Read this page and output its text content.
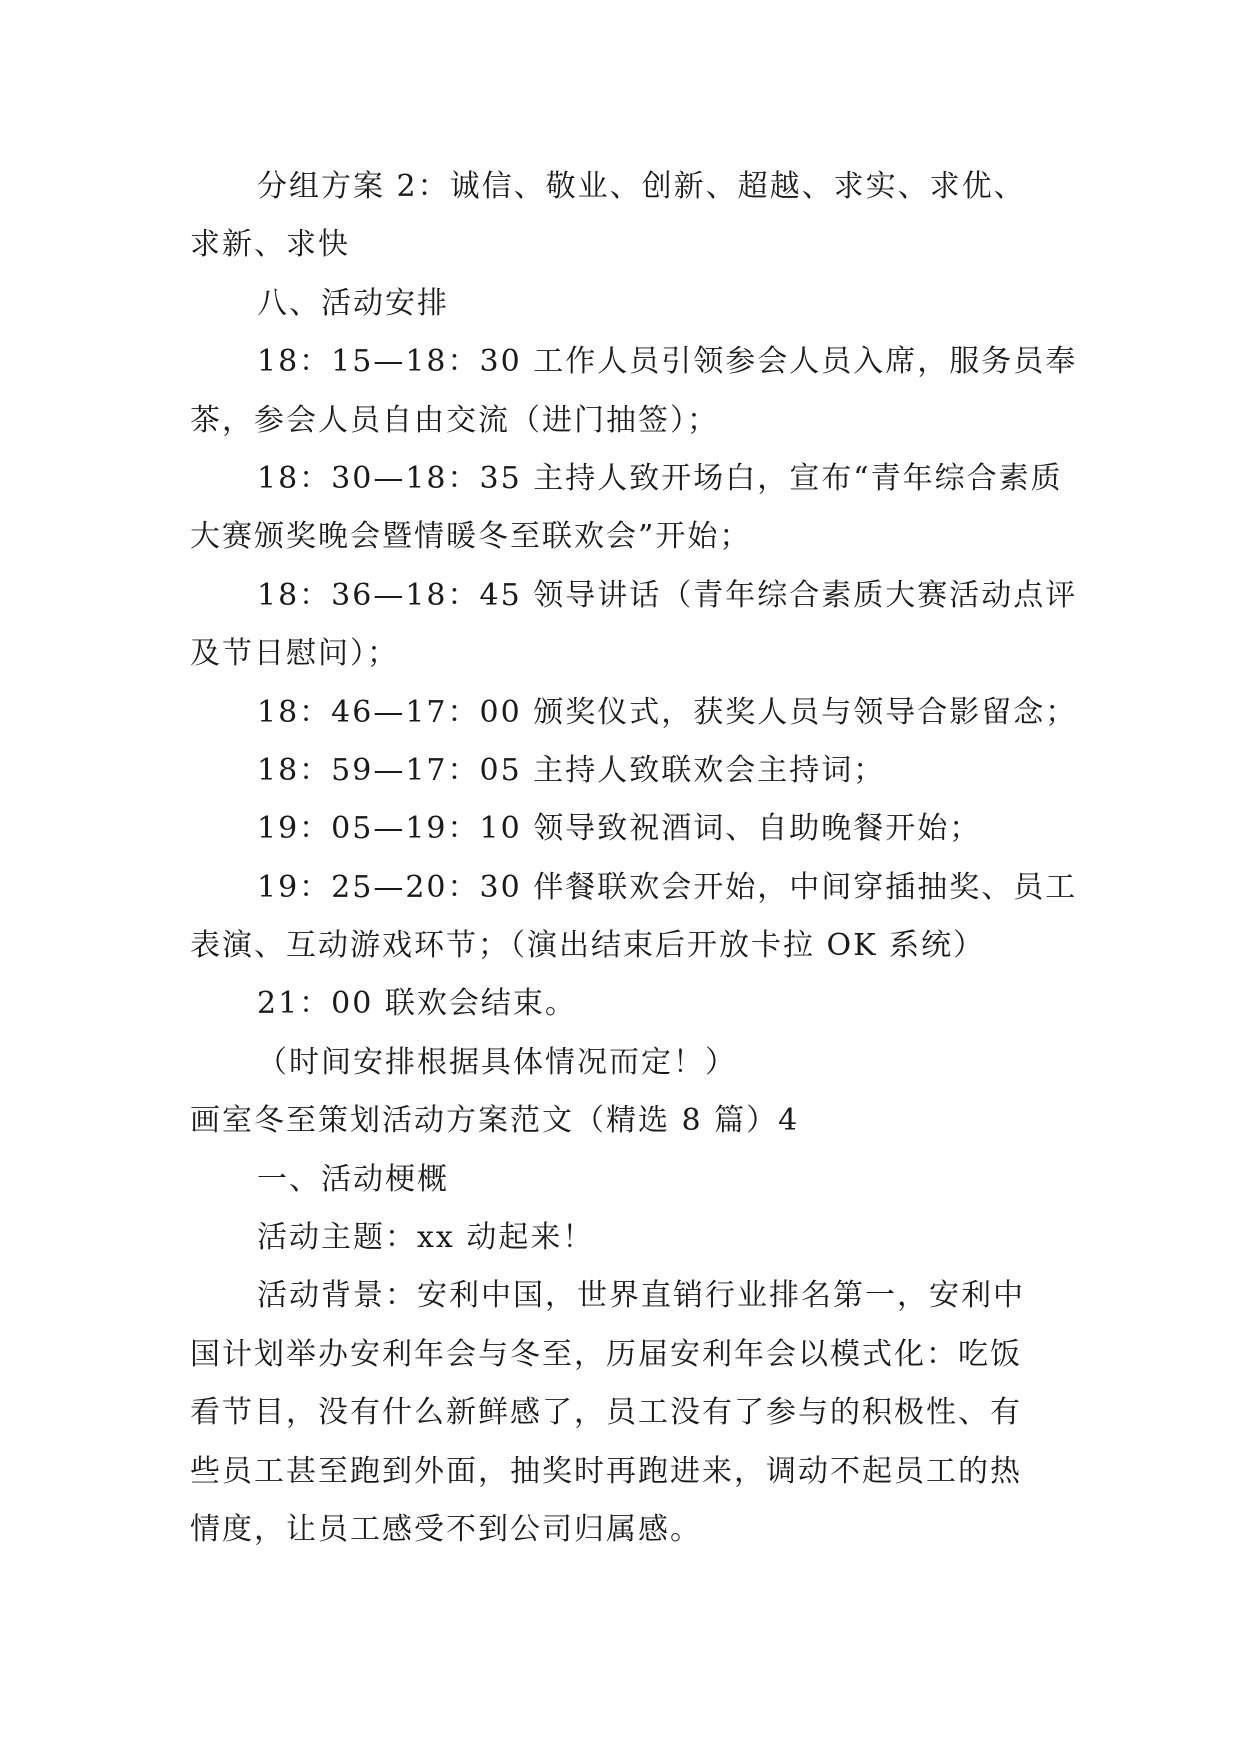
分组方案 2：诚信、敬业、创新、超越、求实、求优、
求新、求快
八、活动安排
18：15—18：30 工作人员引领参会人员入席，服务员奉
茶，参会人员自由交流（进门抽签）；
18：30—18：35 主持人致开场白，宣布“青年综合素质
大赛颁奖晚会暨情暖冬至联欢会”开始；
18：36—18：45 领导讲话（青年综合素质大赛活动点评
及节日慰问）；
18：46—17：00 颁奖仪式，获奖人员与领导合影留念；
18：59—17：05 主持人致联欢会主持词；
19：05—19：10 领导致祝酒词、自助晚餐开始；
19：25—20：30 伴餐联欢会开始，中间穿插抽奖、员工
表演、互动游戏环节；（演出结束后开放卡拉 OK 系统）
21：00 联欢会结束。
（时间安排根据具体情况而定！）
画室冬至策划活动方案范文（精选 8 篇）4
一、活动梗概
活动主题：xx 动起来！
活动背景：安利中国，世界直销行业排名第一，安利中
国计划举办安利年会与冬至，历届安利年会以模式化：吃饭
看节目，没有什么新鲜感了，员工没有了参与的积极性、有
些员工甚至跑到外面，抽奖时再跑进来，调动不起员工的热
情度，让员工感受不到公司归属感。
